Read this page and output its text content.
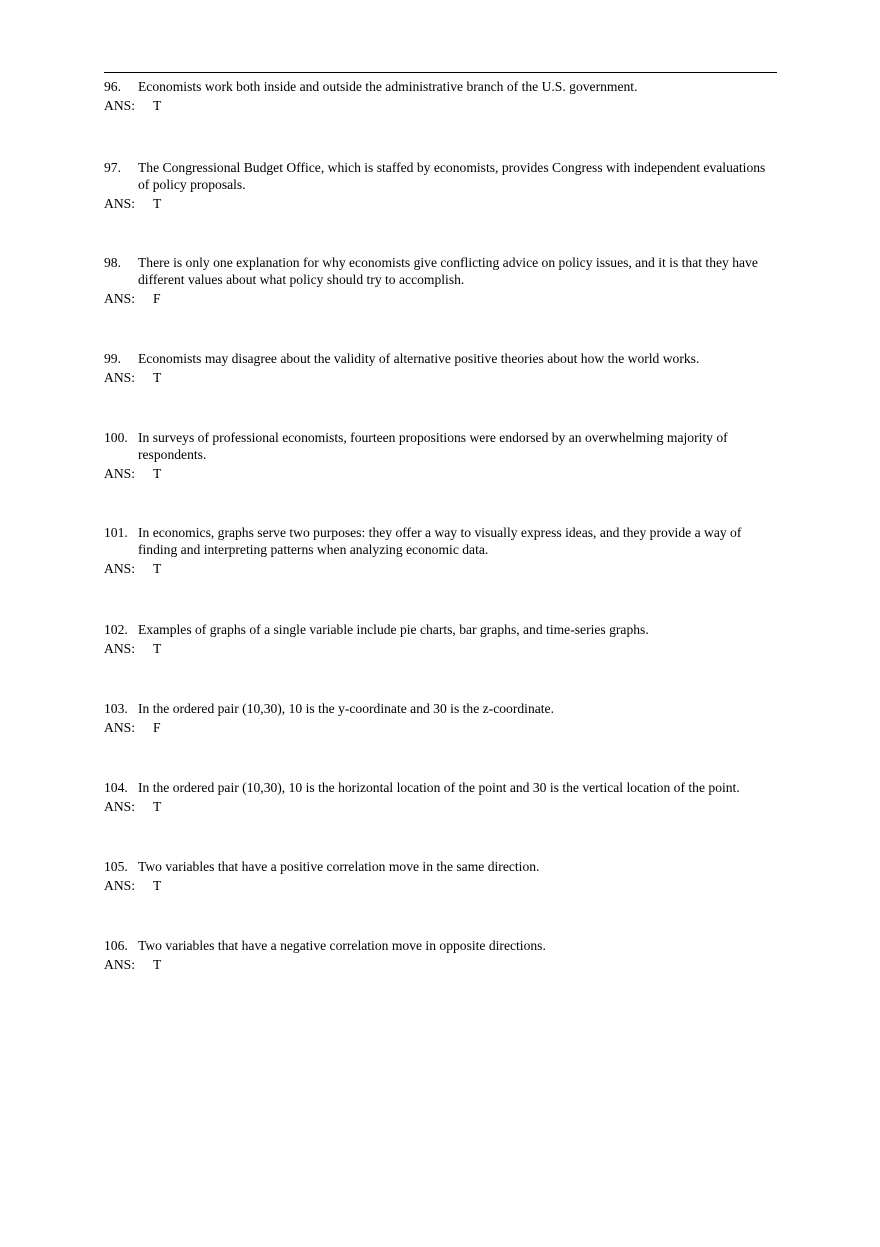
96.	Economists work both inside and outside the administrative branch of the U.S. government.
ANS:	T
97.	The Congressional Budget Office, which is staffed by economists, provides Congress with independent evaluations of policy proposals.
ANS:	T
98.	There is only one explanation for why economists give conflicting advice on policy issues, and it is that they have different values about what policy should try to accomplish.
ANS:	F
99.	Economists may disagree about the validity of alternative positive theories about how the world works.
ANS:	T
100. In surveys of professional economists, fourteen propositions were endorsed by an overwhelming majority of respondents.
ANS:	T
101. In economics, graphs serve two purposes: they offer a way to visually express ideas, and they provide a way of finding and interpreting patterns when analyzing economic data.
ANS:	T
102. Examples of graphs of a single variable include pie charts, bar graphs, and time-series graphs.
ANS:	T
103. In the ordered pair (10,30), 10 is the y-coordinate and 30 is the z-coordinate.
ANS:	F
104. In the ordered pair (10,30), 10 is the horizontal location of the point and 30 is the vertical location of the point.
ANS:	T
105. Two variables that have a positive correlation move in the same direction.
ANS:	T
106. Two variables that have a negative correlation move in opposite directions.
ANS:	T
